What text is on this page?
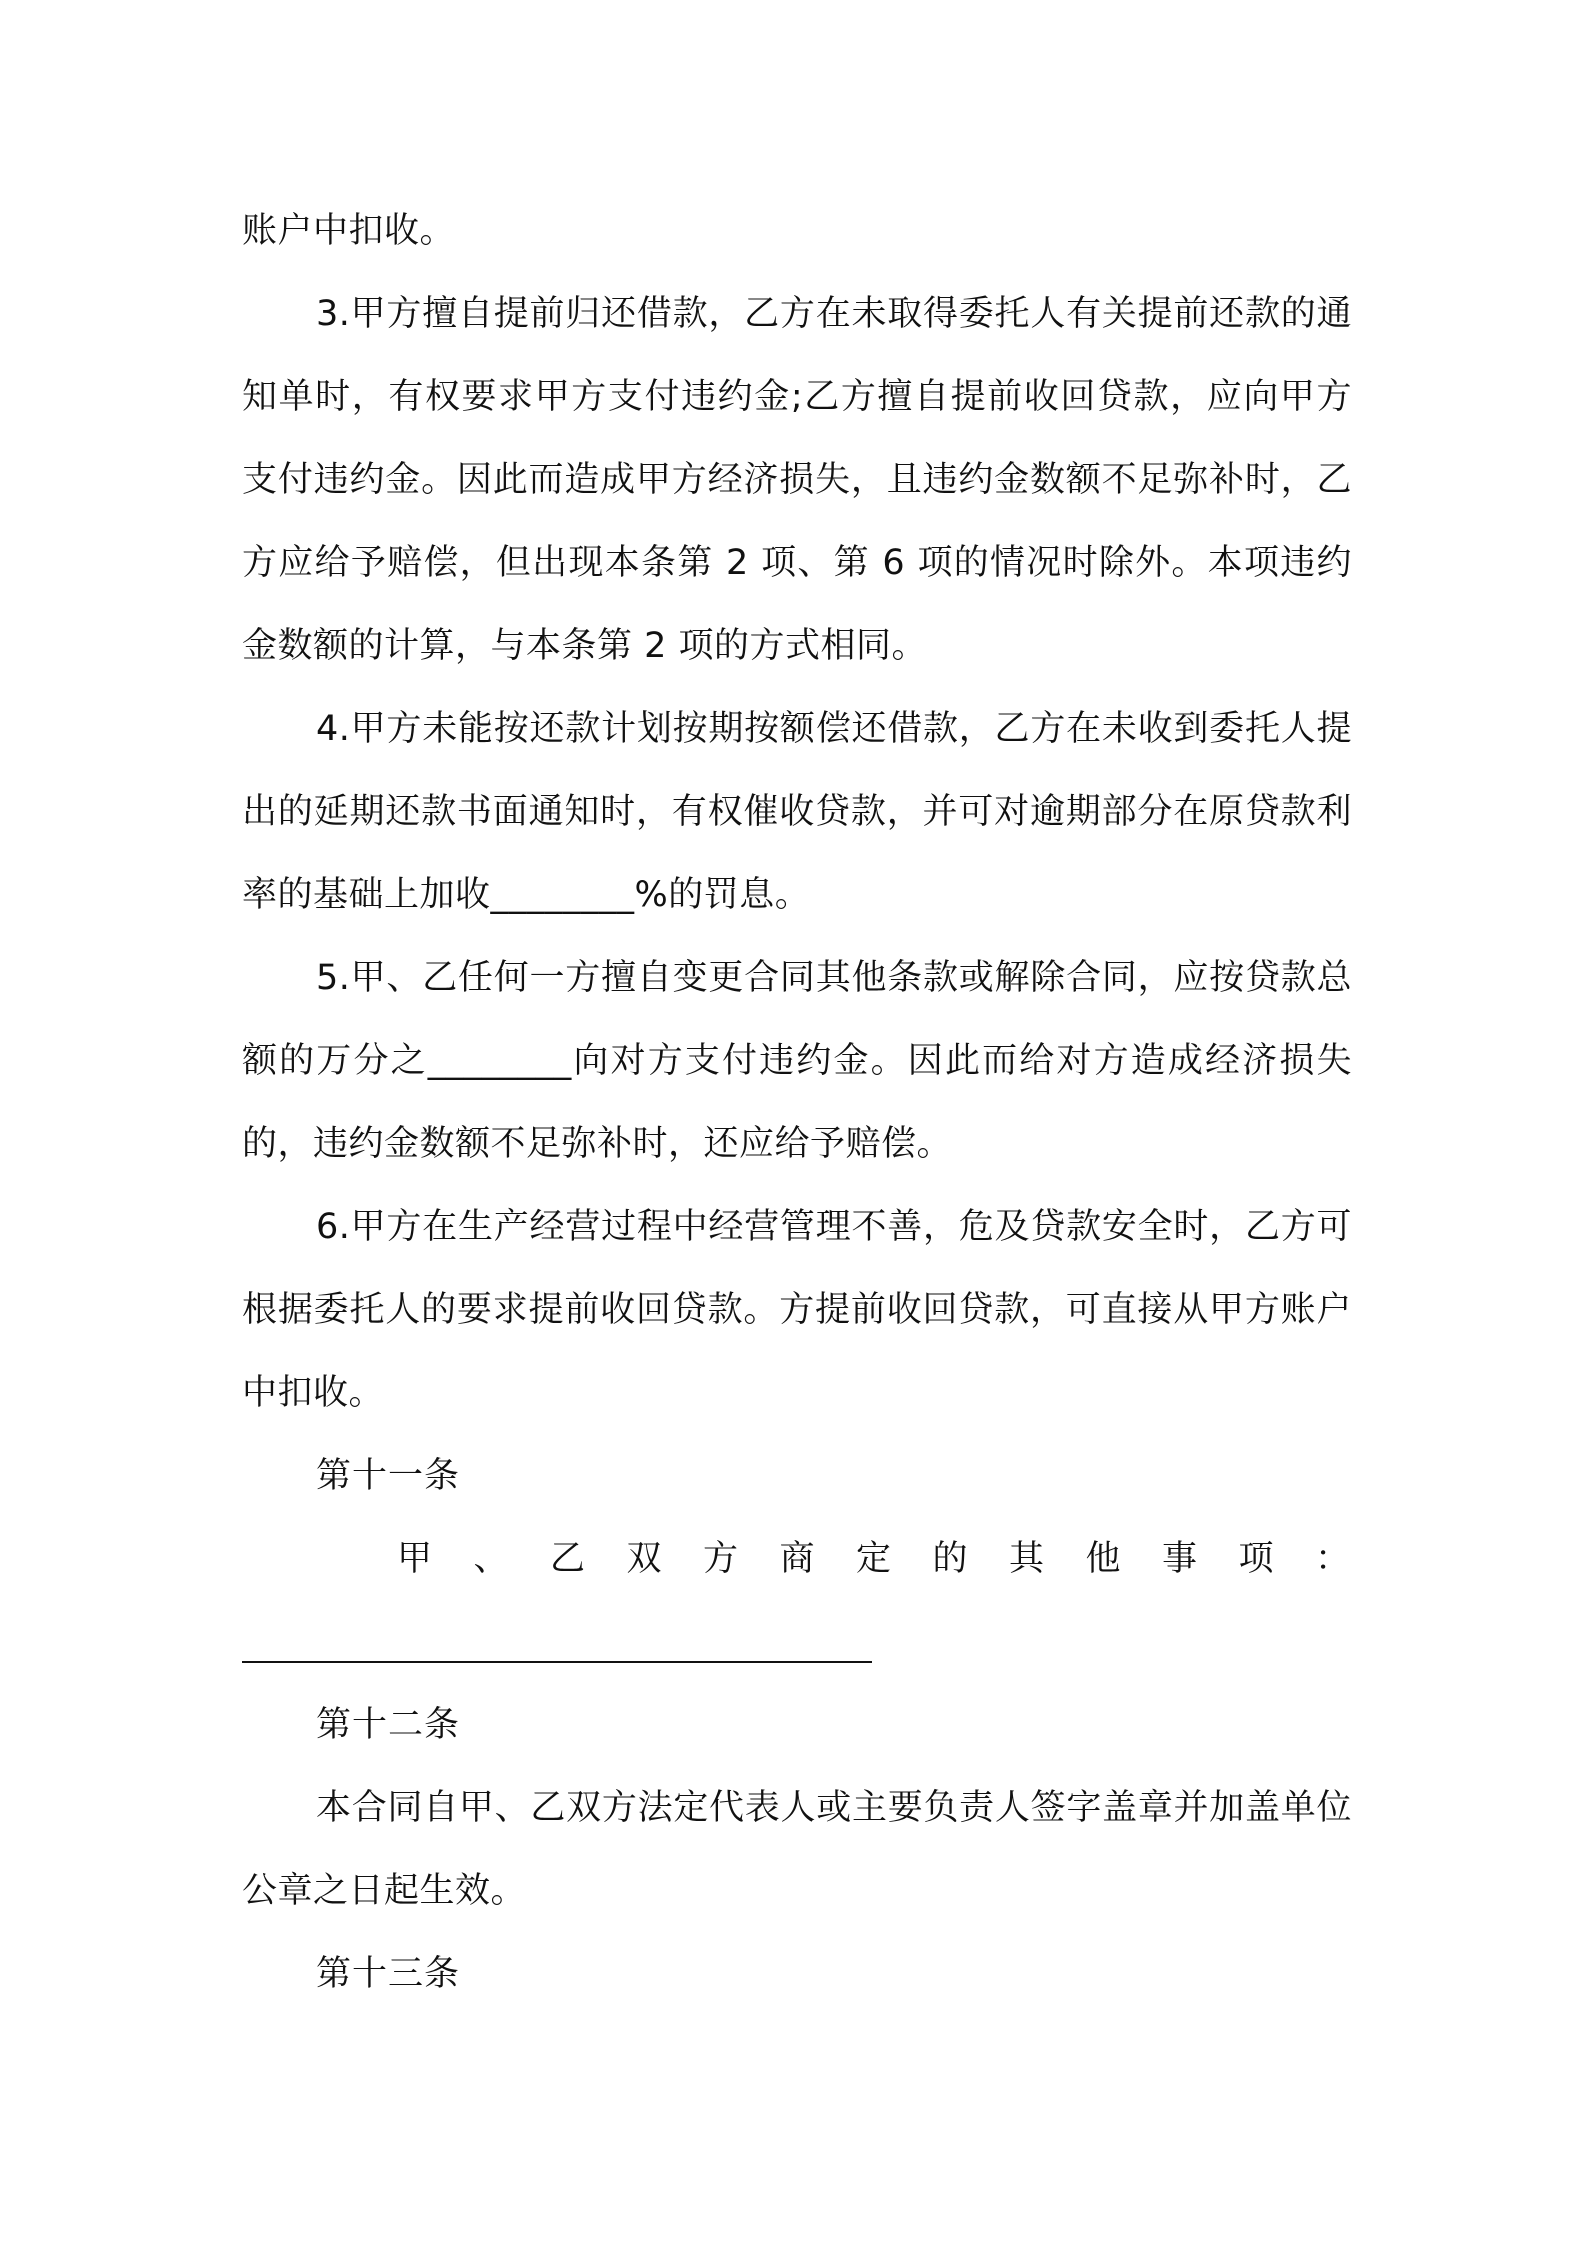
账户中扣收。

3.甲方擅自提前归还借款，乙方在未取得委托人有关提前还款的通知单时，有权要求甲方支付违约金;乙方擅自提前收回贷款，应向甲方支付违约金。因此而造成甲方经济损失，且违约金数额不足弥补时，乙方应给予赔偿，但出现本条第 2 项、第 6 项的情况时除外。本项违约金数额的计算，与本条第 2 项的方式相同。

4.甲方未能按还款计划按期按额偿还借款，乙方在未收到委托人提出的延期还款书面通知时，有权催收贷款，并可对逾期部分在原贷款利率的基础上加收________%的罚息。

5.甲、乙任何一方擅自变更合同其他条款或解除合同，应按贷款总额的万分之________向对方支付违约金。因此而给对方造成经济损失的，违约金数额不足弥补时，还应给予赔偿。

6.甲方在生产经营过程中经营管理不善，危及贷款安全时，乙方可根据委托人的要求提前收回贷款。方提前收回贷款，可直接从甲方账户中扣收。

第十一条

甲 、 乙 双 方 商 定 的 其 他 事 项 ：

第十二条

本合同自甲、乙双方法定代表人或主要负责人签字盖章并加盖单位公章之日起生效。

第十三条
